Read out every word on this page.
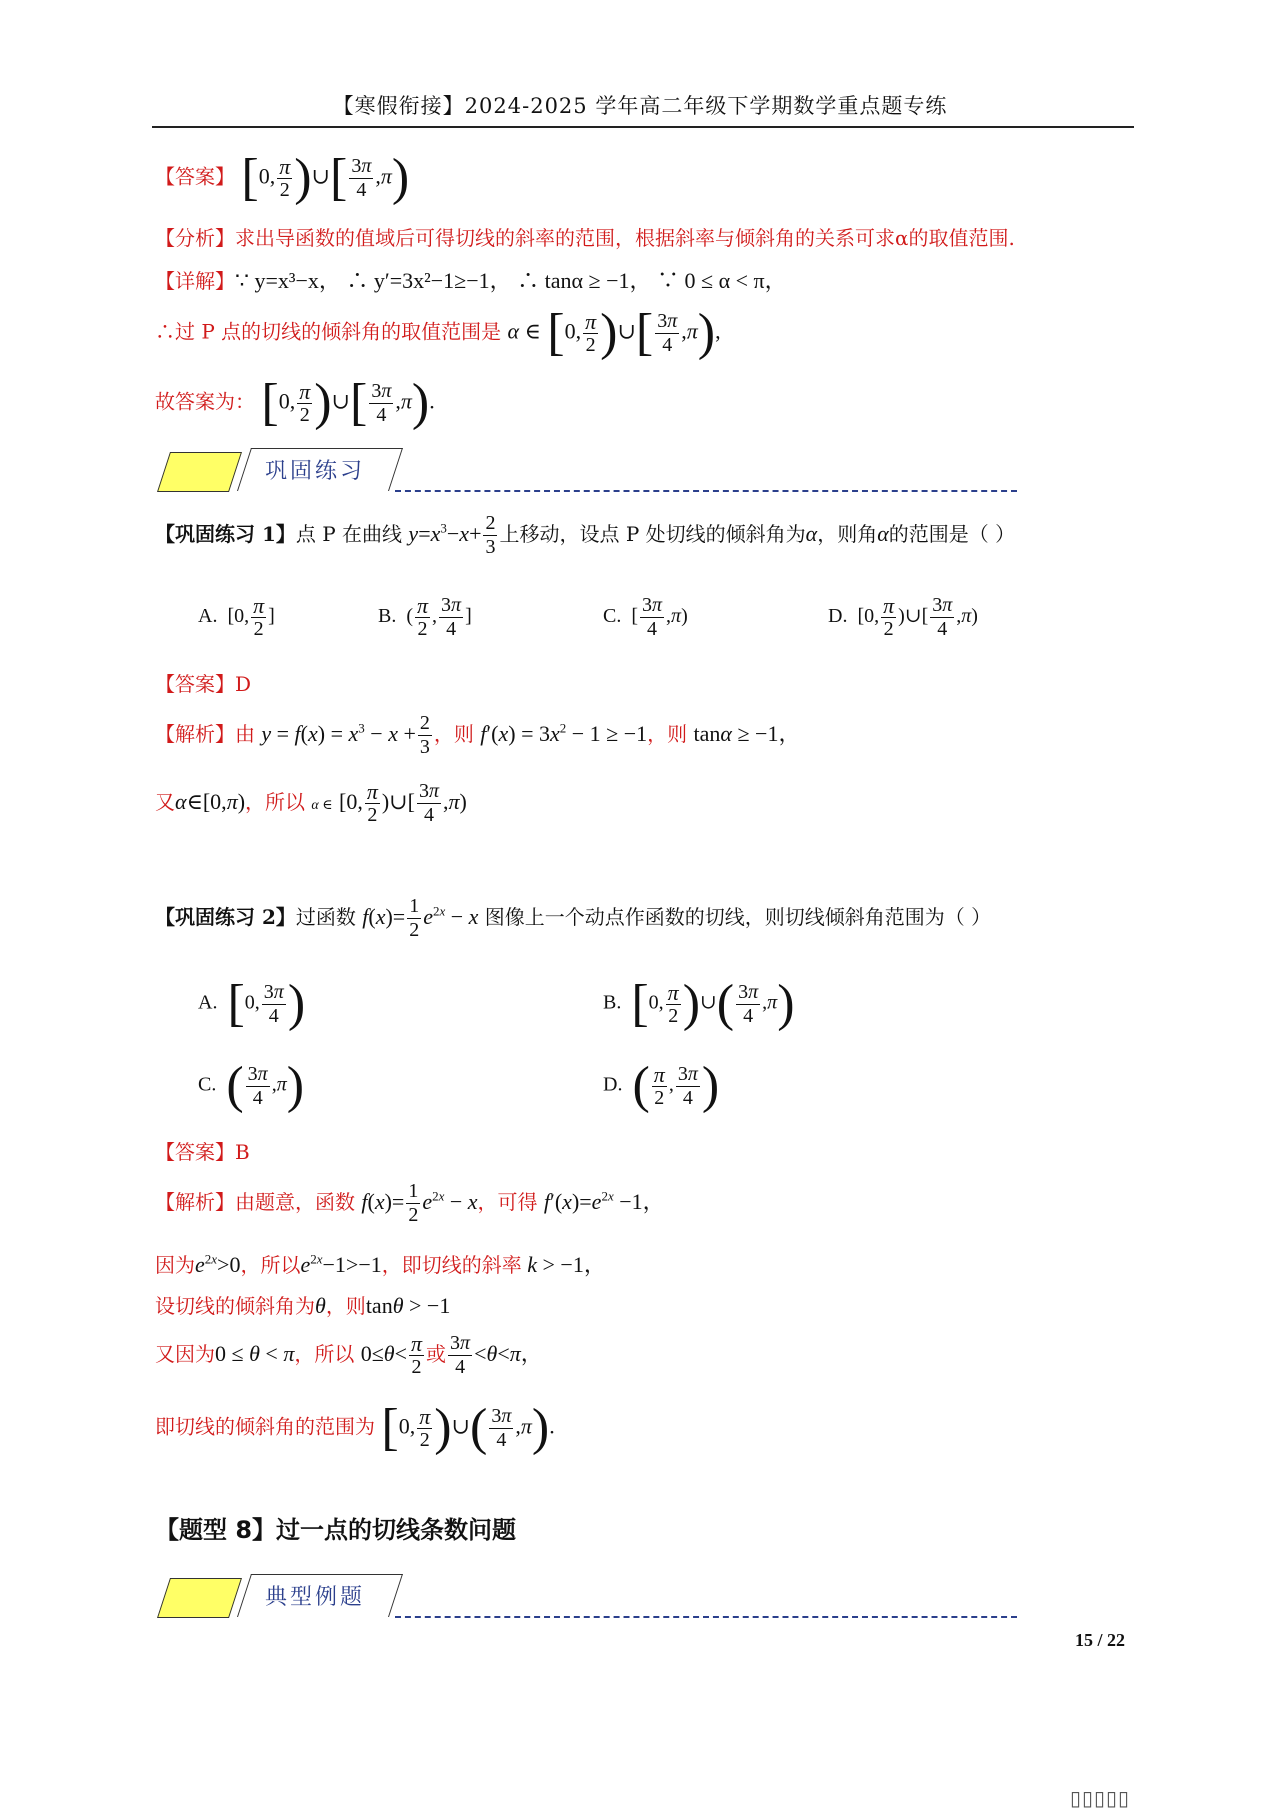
【寒假衔接】2024-2025 学年高二年级下学期数学重点题专练
【答案】 [0, $\frac{\pi}{2}$ )∪[ $\frac{3\pi}{4} ,\pi$)
【分析】求出导函数的值域后可得切线的斜率的范围，根据斜率与倾斜角的关系可求α的取值范围.
【详解】∵ y=x³−x， ∴ y′=3x²−1≥−1， ∴ tanα ≥ −1， ∵ 0 ≤ α < π，
∴过 P 点的切线的倾斜角的取值范围是 α ∈ [0, $\frac{\pi}{2}$ )∪[ $\frac{3\pi}{4} ,\pi$),
故答案为： [0, $\frac{\pi}{2}$ )∪[ $\frac{3\pi}{4} ,\pi$).
巩固练习
【巩固练习 1】点 P 在曲线 $y=x^3-x+ \frac{2}{3}$ 上移动，设点 P 处切线的倾斜角为α，则角α的范围是（ ）
A.  [0, $\frac{\pi}{2}$ ]	B.  ( $\frac{\pi}{2}$ , $\frac{3\pi}{4}$ ]	C.  [ $\frac{3\pi}{4} ,\pi$)	D.  [0, $\frac{\pi}{2}$ )∪[ $\frac{3\pi}{4} ,\pi$)
【答案】D
【解析】由 $y = f(x) = x^3 - x + \frac{2}{3}$ ，则 $f'(x) = 3x^2 - 1 \ge -1$，则 tanα ≥ −1，
又α∈[0,π)，所以 α ∈ [0, $\frac{\pi}{2}$ )∪[ $\frac{3\pi}{4} ,\pi$)
【巩固练习 2】过函数 $f(x)= \frac{1}{2} e^{2x} - x$ 图像上一个动点作函数的切线，则切线倾斜角范围为（ ）
A. [0, $\frac{3\pi}{4}$ )	B. [0, $\frac{\pi}{2}$ )∪( $\frac{3\pi}{4} ,\pi$)
C. ( $\frac{3\pi}{4} ,\pi$)	D. ( $\frac{\pi}{2}$ , $\frac{3\pi}{4}$ )
【答案】B
【解析】由题意，函数 $f(x)= \frac{1}{2} e^{2x} - x$，可得 $f'(x)=e^{2x} -1$，
因为$e^{2x}>0$，所以$e^{2x}-1>-1$，即切线的斜率 k > −1，
设切线的倾斜角为θ，则tanθ > −1
又因为0 ≤ θ < π，所以 $0\le\theta< \frac{\pi}{2}$ 或 $\frac{3\pi}{4} <\theta<\pi$，
即切线的倾斜角的范围为 [0, $\frac{\pi}{2}$ )∪( $\frac{3\pi}{4} ,\pi$).
【题型 8】过一点的切线条数问题
典型例题
15 / 22
▯▯▯▯▯
